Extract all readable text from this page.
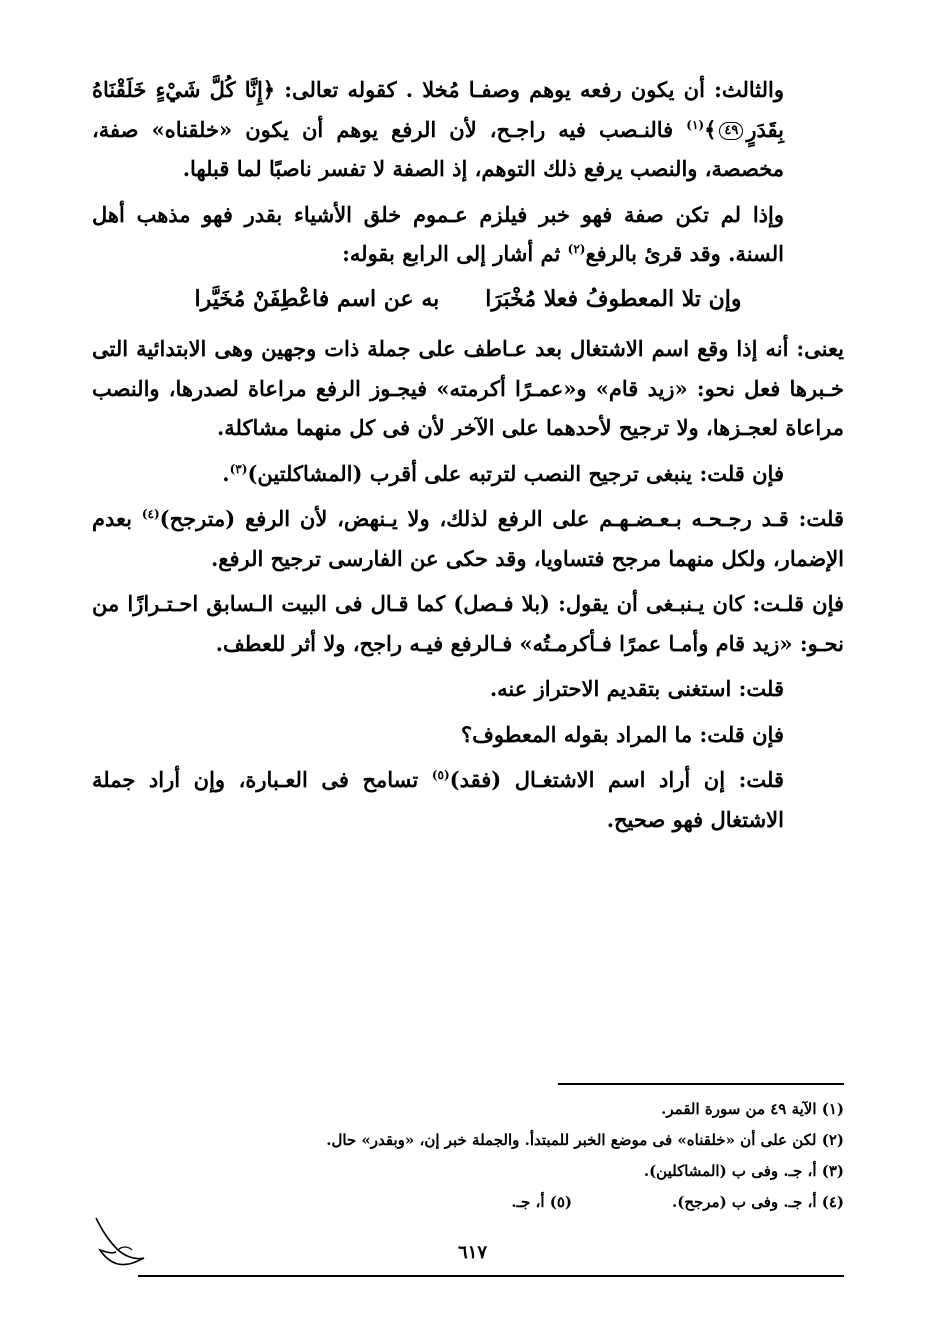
والثالث: أن يكون رفعه يوهم وصفـا مُخلا . كقوله تعالى: ﴿إِنَّا كُلَّ شَيْءٍ خَلَقْنَاهُ بِقَدَرٍ٤٩﴾$^{(١)}$ فالنـصب فيه راجـح، لأن الرفع يوهم أن يكون «خلقناه» صفة، مخصصة، والنصب يرفع ذلك التوهم، إذ الصفة لا تفسر ناصبًا لما قبلها.

وإذا لم تكن صفة فهو خبر فيلزم عـموم خلق الأشياء بقدر فهو مذهب أهل السنة. وقد قرئ بالرفع$^{(٢)}$ ثم أشار إلى الرابع بقوله:

وإن تلا المعطوفُ فعلا مُخْبَرَا
به عن اسم فاعْطِفَنْ مُخَيَّرا

يعنى: أنه إذا وقع اسم الاشتغال بعد عـاطف على جملة ذات وجهين وهى الابتدائية التى خـبرها فعل نحو: «زيد قام» و«عمـرًا أكرمته» فيجـوز الرفع مراعاة لصدرها، والنصب مراعاة لعجـزها، ولا ترجيح لأحدهما على الآخر لأن فى كل منهما مشاكلة.

فإن قلت: ينبغى ترجيح النصب لترتبه على أقرب (المشاكلتين)$^{(٣)}$.

قلت: قـد رجـحـه بـعـضـهـم على الرفع لذلك، ولا يـنهض، لأن الرفع (مترجح)$^{(٤)}$ بعدم الإضمار، ولكل منهما مرجح فتساويا، وقد حكى عن الفارسى ترجيح الرفع.

فإن قلـت: كان يـنبـغى أن يقول: (بلا فـصل) كما قـال فى البيت الـسابق احـتـرازًا من نحـو: «زيد قام وأمـا عمرًا فـأكرمـتُه» فـالرفع فيـه راجح، ولا أثر للعطف.

قلت: استغنى بتقديم الاحتراز عنه.

فإن قلت: ما المراد بقوله المعطوف؟

قلت: إن أراد اسم الاشتغـال (فقد)$^{(٥)}$ تسامح فى العـبارة، وإن أراد جملة الاشتغال فهو صحيح.

(١) الآية ٤٩ من سورة القمر.
(٢) لكن على أن «خلقناه» فى موضع الخبر للمبتدأ. والجملة خبر إن، «وبقدر» حال.
(٣) أ، جـ. وفى ب (المشاكلين).
(٤) أ، جـ. وفى ب (مرجح).(٥) أ، جـ.
٦١٧
